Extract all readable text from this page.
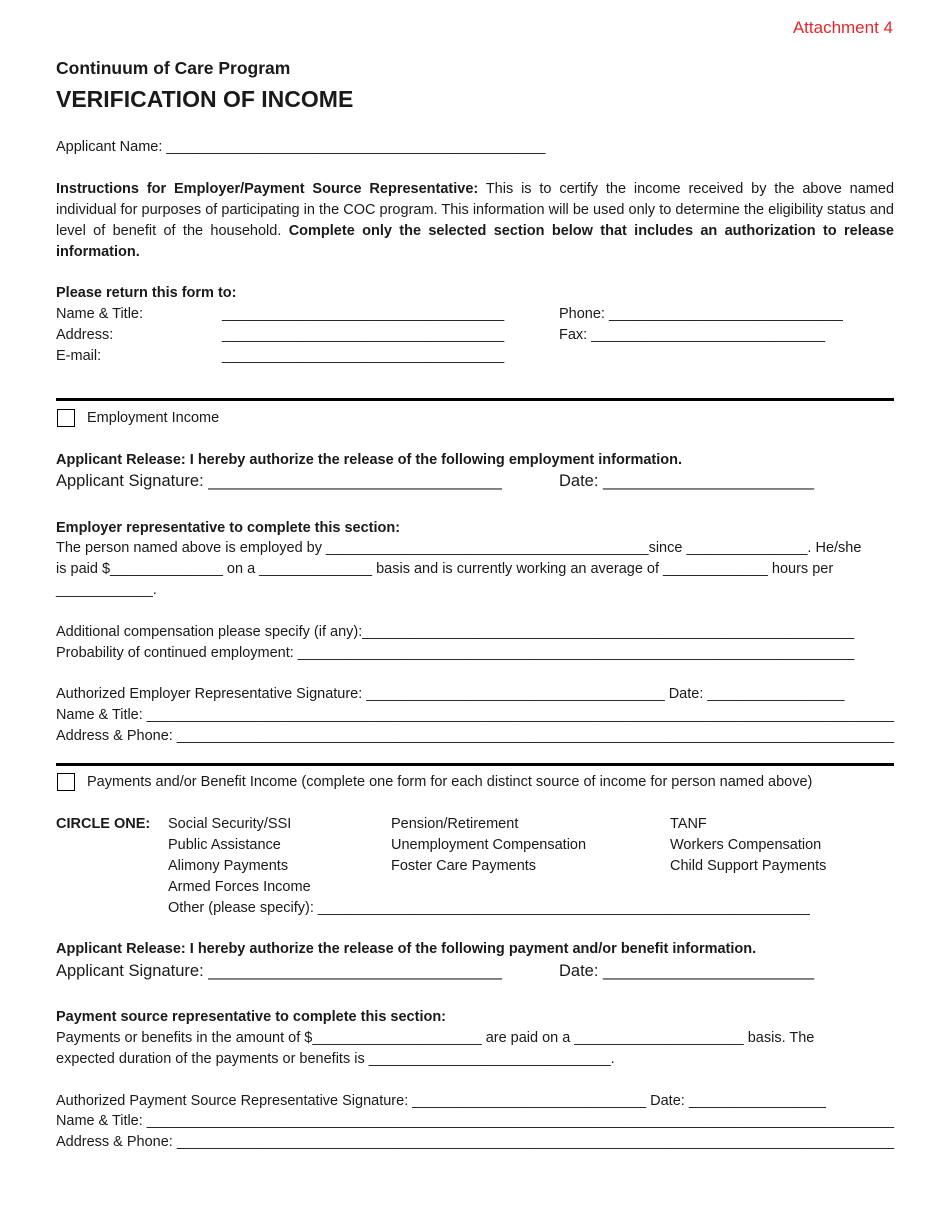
Attachment 4
Continuum of Care Program
VERIFICATION OF INCOME
Applicant Name: _______________________________________________
Instructions for Employer/Payment Source Representative: This is to certify the income received by the above named individual for purposes of participating in the COC program. This information will be used only to determine the eligibility status and level of benefit of the household. Complete only the selected section below that includes an authorization to release information.
Please return this form to:
Name & Title:
Address:
E-mail:
___________________________________
___________________________________
___________________________________
Phone: _____________________________
Fax: _____________________________
Employment Income
Applicant Release: I hereby authorize the release of the following employment information.
Applicant Signature: ________________________________	Date: _______________________
Employer representative to complete this section:
The person named above is employed by ________________________________________since _______________. He/she
is paid $______________ on a ______________ basis and is currently working an average of _____________ hours per
____________.
Additional compensation please specify (if any):_____________________________________________________________
Probability of continued employment: _____________________________________________________________________
Authorized Employer Representative Signature: _____________________________________ Date: _________________
Name & Title: _____________________________________________________________________________________________
Address & Phone: _________________________________________________________________________________________
Payments and/or Benefit Income (complete one form for each distinct source of income for person named above)
CIRCLE ONE: Social Security/SSI
Public Assistance
Alimony Payments
Armed Forces Income
Other (please specify): _____________________________________________________________
Pension/Retirement
Unemployment Compensation
Foster Care Payments
TANF
Workers Compensation
Child Support Payments
Applicant Release: I hereby authorize the release of the following payment and/or benefit information.
Applicant Signature: ________________________________	Date: _______________________
Payment source representative to complete this section:
Payments or benefits in the amount of $_____________________ are paid on a _____________________ basis. The
expected duration of the payments or benefits is ______________________________.
Authorized Payment Source Representative Signature: _____________________________ Date: _________________
Name & Title: _____________________________________________________________________________________________
Address & Phone: _________________________________________________________________________________________
